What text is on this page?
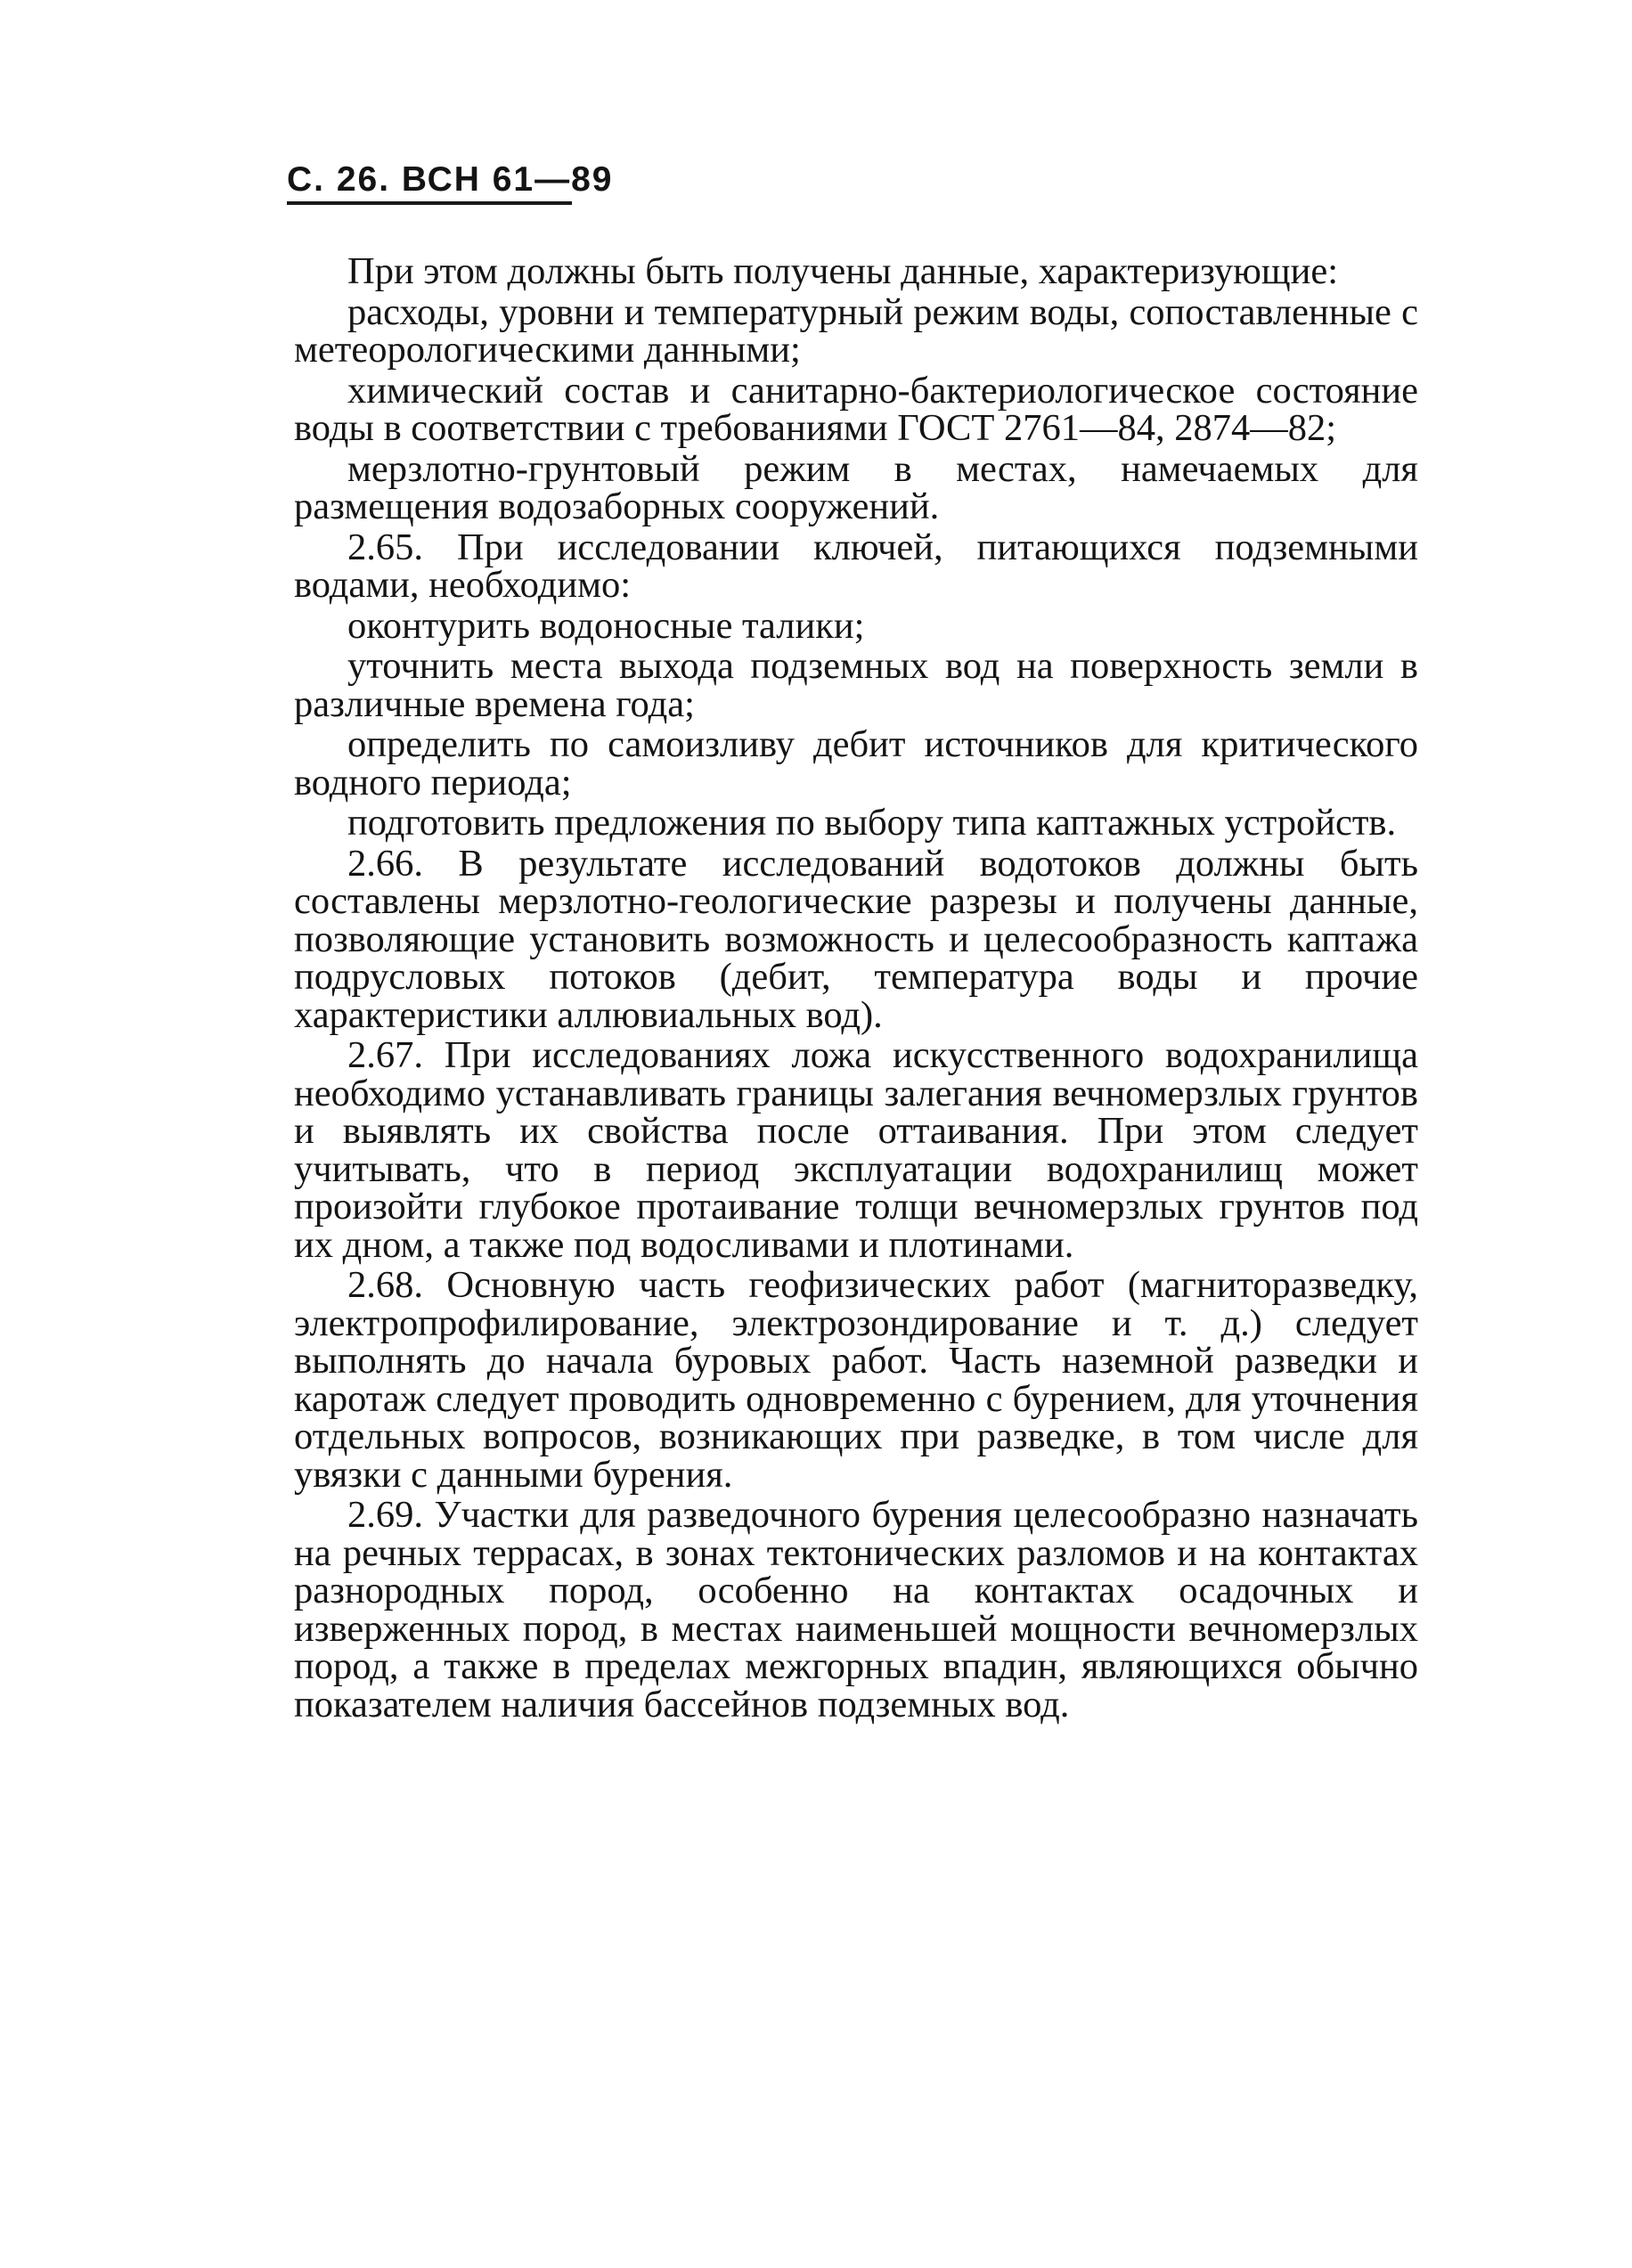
С. 26. ВСН 61—89

При этом должны быть получены данные, характеризующие:

расходы, уровни и температурный режим воды, сопоставленные с метеорологическими данными;

химический состав и санитарно-бактериологическое состояние воды в соответствии с требованиями ГОСТ 2761—84, 2874—82;

мерзлотно-грунтовый режим в местах, намечаемых для размещения водозаборных сооружений.

2.65. При исследовании ключей, питающихся подземными водами, необходимо:

оконтурить водоносные талики;

уточнить места выхода подземных вод на поверхность земли в различные времена года;

определить по самоизливу дебит источников для критического водного периода;

подготовить предложения по выбору типа каптажных устройств.

2.66. В результате исследований водотоков должны быть составлены мерзлотно-геологические разрезы и получены данные, позволяющие установить возможность и целесообразность каптажа подрусловых потоков (дебит, температура воды и прочие характеристики аллювиальных вод).

2.67. При исследованиях ложа искусственного водохранилища необходимо устанавливать границы залегания вечномерзлых грунтов и выявлять их свойства после оттаивания. При этом следует учитывать, что в период эксплуатации водохранилищ может произойти глубокое протаивание толщи вечномерзлых грунтов под их дном, а также под водосливами и плотинами.

2.68. Основную часть геофизических работ (магниторазведку, электропрофилирование, электрозондирование и т. д.) следует выполнять до начала буровых работ. Часть наземной разведки и каротаж следует проводить одновременно с бурением, для уточнения отдельных вопросов, возникающих при разведке, в том числе для увязки с данными бурения.

2.69. Участки для разведочного бурения целесообразно назначать на речных террасах, в зонах тектонических разломов и на контактах разнородных пород, особенно на контактах осадочных и изверженных пород, в местах наименьшей мощности вечномерзлых пород, а также в пределах межгорных впадин, являющихся обычно показателем наличия бассейнов подземных вод.
